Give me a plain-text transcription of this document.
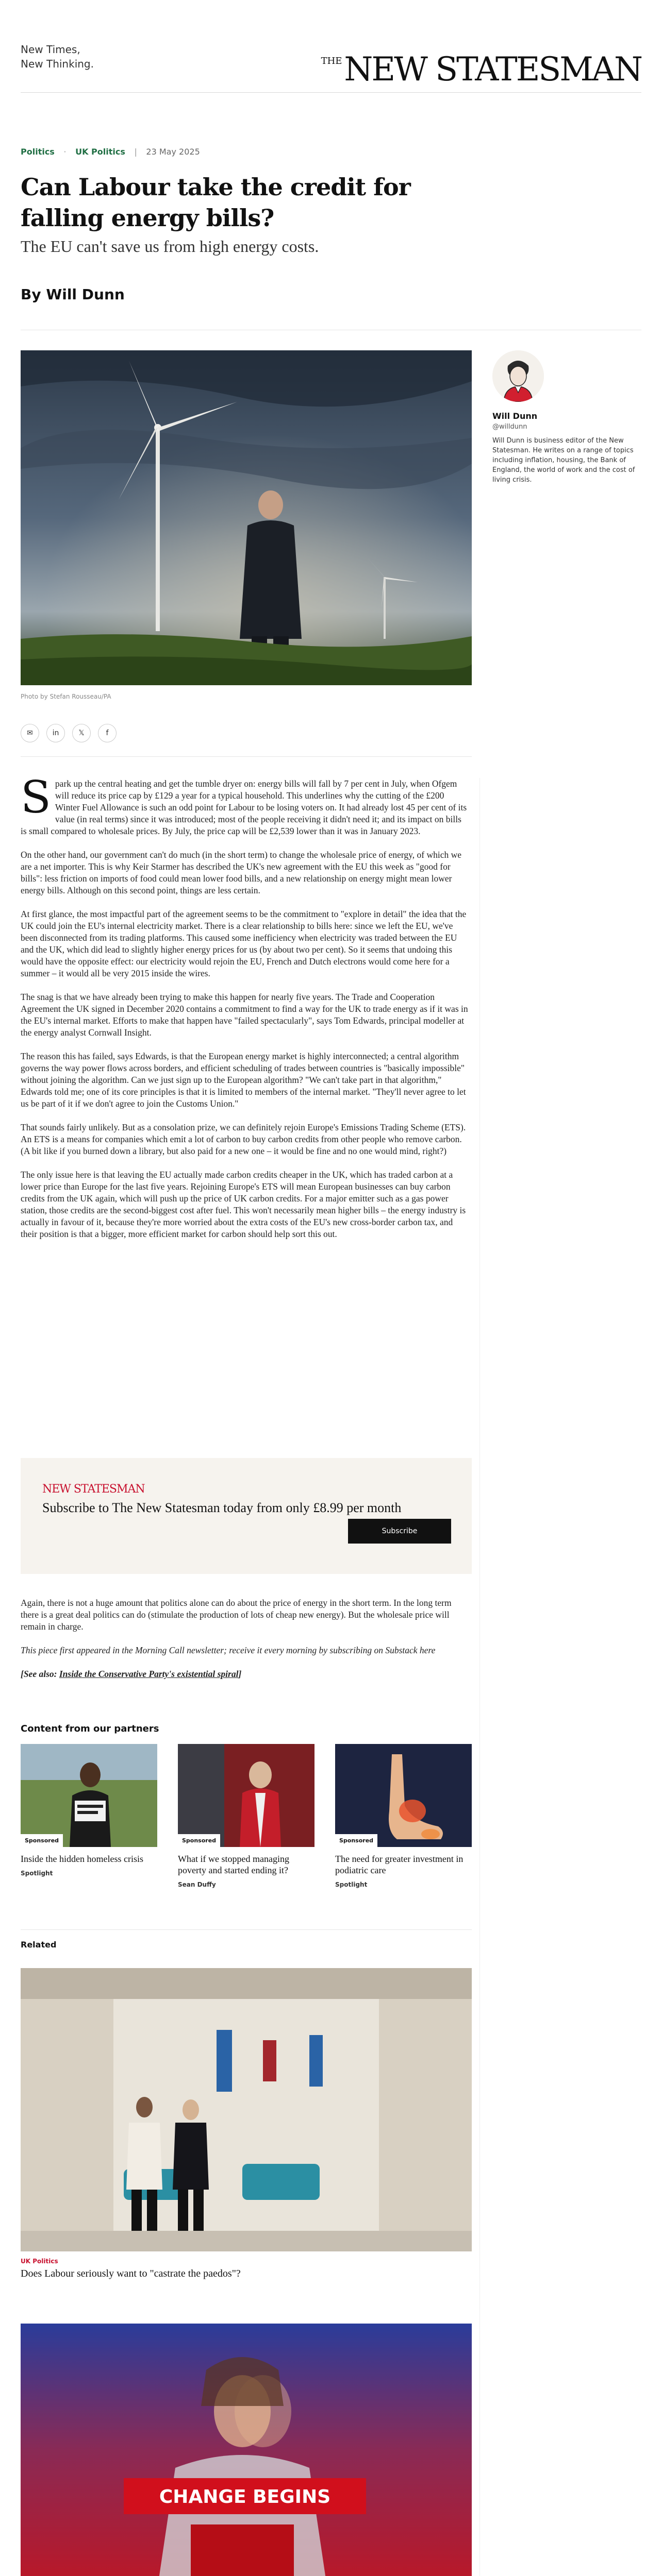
New Times,
New Thinking.	$^{THE}$NEW STATESMAN
Politics · UK Politics | 23 May 2025
Can Labour take the credit for falling energy bills?
The EU can't save us from high energy costs.
By Will Dunn
Photo by Stefan Rousseau/PA
✉	in	𝕏	f
Will Dunn
@willdunn
Will Dunn is business editor of the New Statesman. He writes on a range of topics including inflation, housing, the Bank of England, the world of work and the cost of living crisis.

Spark up the central heating and get the tumble dryer on: energy bills will fall by 7 per cent in July, when Ofgem will reduce its price cap by £129 a year for a typical household. This underlines why the cutting of the £200 Winter Fuel Allowance is such an odd point for Labour to be losing voters on. It had already lost 45 per cent of its value (in real terms) since it was introduced; most of the people receiving it didn't need it; and its impact on bills is small compared to wholesale prices. By July, the price cap will be £2,539 lower than it was in January 2023.

On the other hand, our government can't do much (in the short term) to change the wholesale price of energy, of which we are a net importer. This is why Keir Starmer has described the UK's new agreement with the EU this week as "good for bills": less friction on imports of food could mean lower food bills, and a new relationship on energy might mean lower energy bills. Although on this second point, things are less certain.

At first glance, the most impactful part of the agreement seems to be the commitment to "explore in detail" the idea that the UK could join the EU's internal electricity market. There is a clear relationship to bills here: since we left the EU, we've been disconnected from its trading platforms. This caused some inefficiency when electricity was traded between the EU and the UK, which did lead to slightly higher energy prices for us (by about two per cent). So it seems that undoing this would have the opposite effect: our electricity would rejoin the EU, French and Dutch electrons would come here for a summer – it would all be very 2015 inside the wires.

The snag is that we have already been trying to make this happen for nearly five years. The Trade and Cooperation Agreement the UK signed in December 2020 contains a commitment to find a way for the UK to trade energy as if it was in the EU's internal market. Efforts to make that happen have "failed spectacularly", says Tom Edwards, principal modeller at the energy analyst Cornwall Insight.

The reason this has failed, says Edwards, is that the European energy market is highly interconnected; a central algorithm governs the way power flows across borders, and efficient scheduling of trades between countries is "basically impossible" without joining the algorithm. Can we just sign up to the European algorithm? "We can't take part in that algorithm," Edwards told me; one of its core principles is that it is limited to members of the internal market. "They'll never agree to let us be part of it if we don't agree to join the Customs Union."

That sounds fairly unlikely. But as a consolation prize, we can definitely rejoin Europe's Emissions Trading Scheme (ETS). An ETS is a means for companies which emit a lot of carbon to buy carbon credits from other people who remove carbon. (A bit like if you burned down a library, but also paid for a new one – it would be fine and no one would mind, right?)

The only issue here is that leaving the EU actually made carbon credits cheaper in the UK, which has traded carbon at a lower price than Europe for the last five years. Rejoining Europe's ETS will mean European businesses can buy carbon credits from the UK again, which will push up the price of UK carbon credits. For a major emitter such as a gas power station, those credits are the second-biggest cost after fuel. This won't necessarily mean higher bills – the energy industry is actually in favour of it, because they're more worried about the extra costs of the EU's new cross-border carbon tax, and their position is that a bigger, more efficient market for carbon should help sort this out.

NEW STATESMAN
Subscribe to The New Statesman today from only £8.99 per month
Subscribe

Again, there is not a huge amount that politics alone can do about the price of energy in the short term. In the long term there is a great deal politics can do (stimulate the production of lots of cheap new energy). But the wholesale price will remain in charge.

This piece first appeared in the Morning Call newsletter; receive it every morning by subscribing on Substack here

[See also: Inside the Conservative Party's existential spiral]

Content from our partners
Sponsored
Inside the hidden homeless crisis
Spotlight
Sponsored
What if we stopped managing poverty and started ending it?
Sean Duffy
Sponsored
The need for greater investment in podiatric care
Spotlight
Related
UK Politics
Does Labour seriously want to "castrate the paedos"?
CHANGE BEGINS
